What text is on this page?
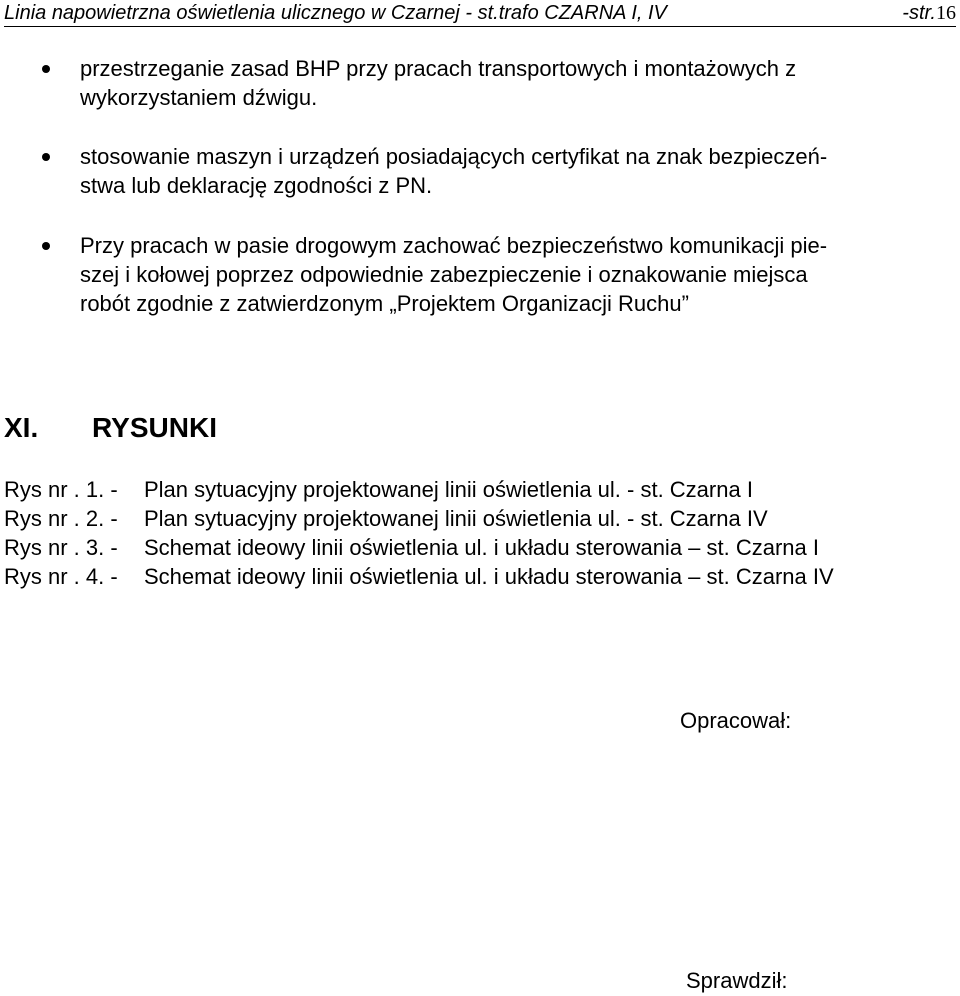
Linia napowietrzna oświetlenia ulicznego w Czarnej - st.trafo CZARNA I, IV	-str.16
przestrzeganie zasad BHP przy pracach transportowych i montażowych z
wykorzystaniem dźwigu.
stosowanie maszyn i urządzeń posiadających certyfikat na znak bezpieczeń-
stwa lub deklarację zgodności z PN.
Przy pracach w pasie drogowym zachować bezpieczeństwo komunikacji pie-
szej i kołowej poprzez odpowiednie zabezpieczenie i oznakowanie miejsca
robót zgodnie z zatwierdzonym „Projektem Organizacji Ruchu”
XI. RYSUNKI
Rys nr . 1. - Plan sytuacyjny projektowanej linii oświetlenia ul. - st. Czarna I
Rys nr . 2. - Plan sytuacyjny projektowanej linii oświetlenia ul. - st. Czarna IV
Rys nr . 3. - Schemat ideowy linii oświetlenia ul. i układu sterowania – st. Czarna I
Rys nr . 4. - Schemat ideowy linii oświetlenia ul. i układu sterowania – st. Czarna IV
Opracował:
Sprawdził:
